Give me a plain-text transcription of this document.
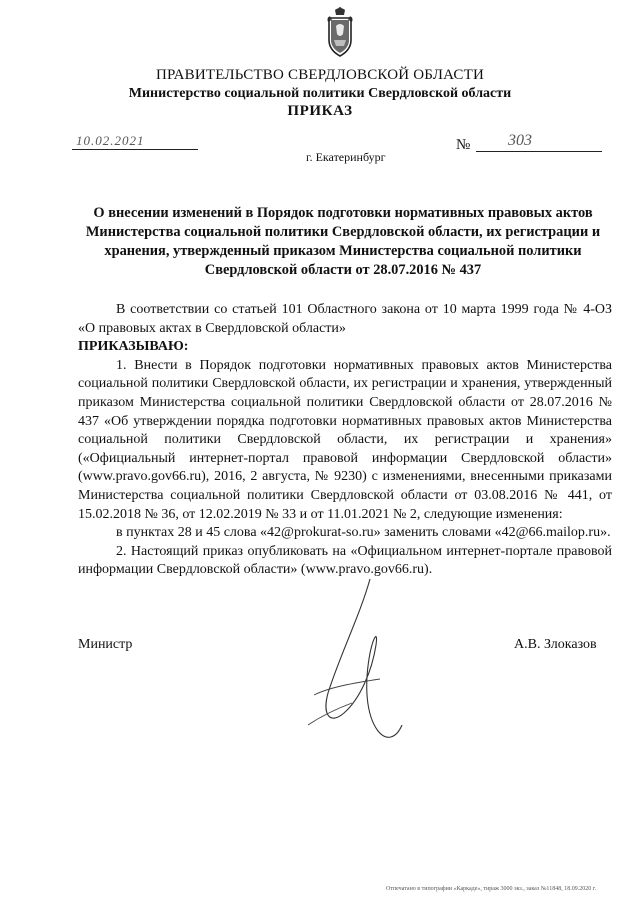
ПРАВИТЕЛЬСТВО СВЕРДЛОВСКОЙ ОБЛАСТИ
Министерство социальной политики Свердловской области
ПРИКАЗ
10.02.2021	№ 303
г. Екатеринбург
О внесении изменений в Порядок подготовки нормативных правовых актов Министерства социальной политики Свердловской области, их регистрации и хранения, утвержденный приказом Министерства социальной политики Свердловской области от 28.07.2016 № 437

В соответствии со статьей 101 Областного закона от 10 марта 1999 года № 4-ОЗ «О правовых актах в Свердловской области»

ПРИКАЗЫВАЮ:

1. Внести в Порядок подготовки нормативных правовых актов Министерства социальной политики Свердловской области, их регистрации и хранения, утвержденный приказом Министерства социальной политики Свердловской области от 28.07.2016 № 437 «Об утверждении порядка подготовки нормативных правовых актов Министерства социальной политики Свердловской области, их регистрации и хранения» («Официальный интернет-портал правовой информации Свердловской области» (www.pravo.gov66.ru), 2016, 2 августа, № 9230) с изменениями, внесенными приказами Министерства социальной политики Свердловской области от 03.08.2016 № 441, от 15.02.2018 № 36, от 12.02.2019 № 33 и от 11.01.2021 № 2, следующие изменения:

в пунктах 28 и 45 слова «42@prokurat-so.ru» заменить словами «42@66.mailop.ru».

2. Настоящий приказ опубликовать на «Официальном интернет-портале правовой информации Свердловской области» (www.pravo.gov66.ru).

Министр	А.В. Злоказов
Отпечатано в типографии «Каркаде», тираж 3000 экз., заказ №11848, 18.09.2020 г.
